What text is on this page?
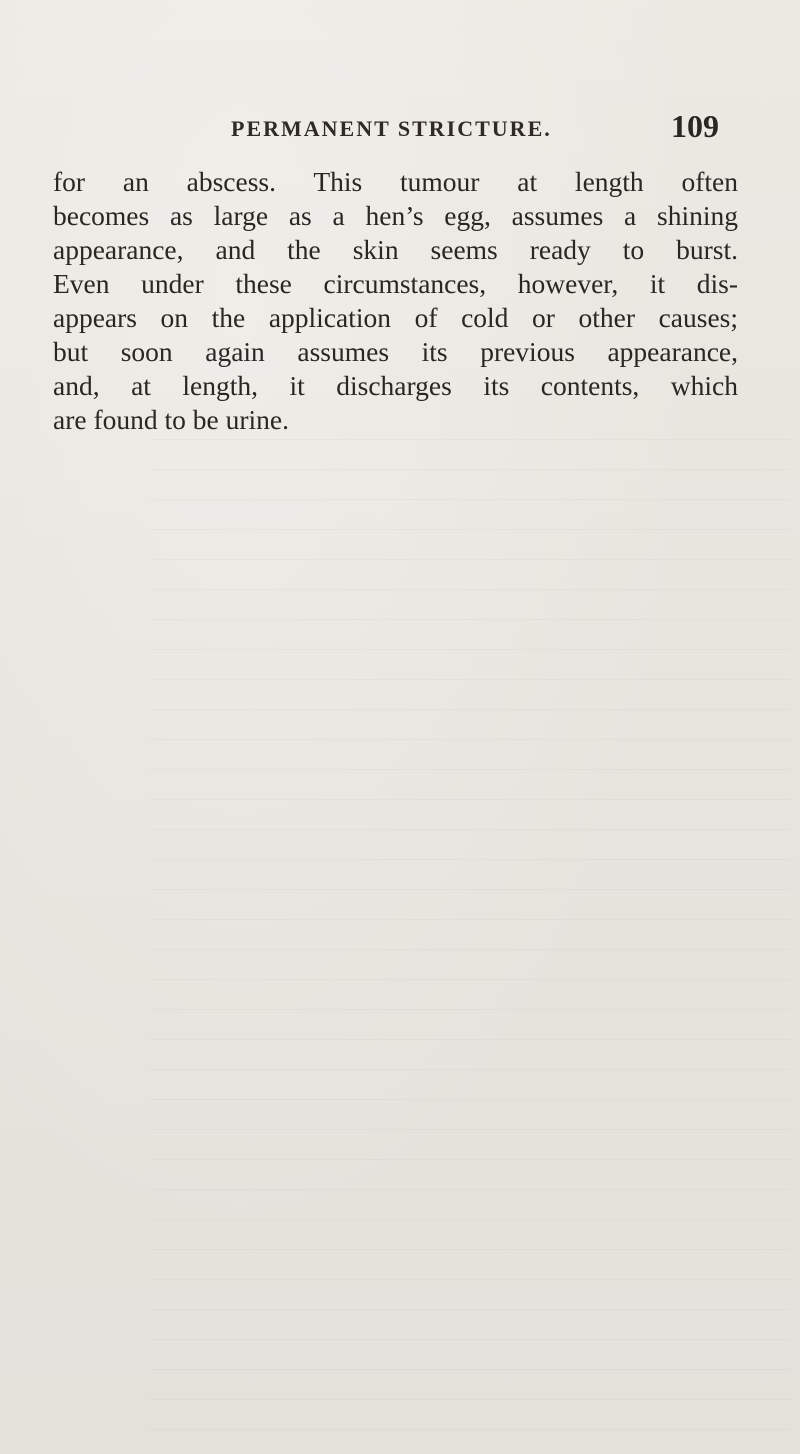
PERMANENT STRICTURE.	109
for an abscess. This tumour at length often
becomes as large as a hen’s egg, assumes a shining
appearance, and the skin seems ready to burst.
Even under these circumstances, however, it dis-
appears on the application of cold or other causes;
but soon again assumes its previous appearance,
and, at length, it discharges its contents, which
are found to be urine.
